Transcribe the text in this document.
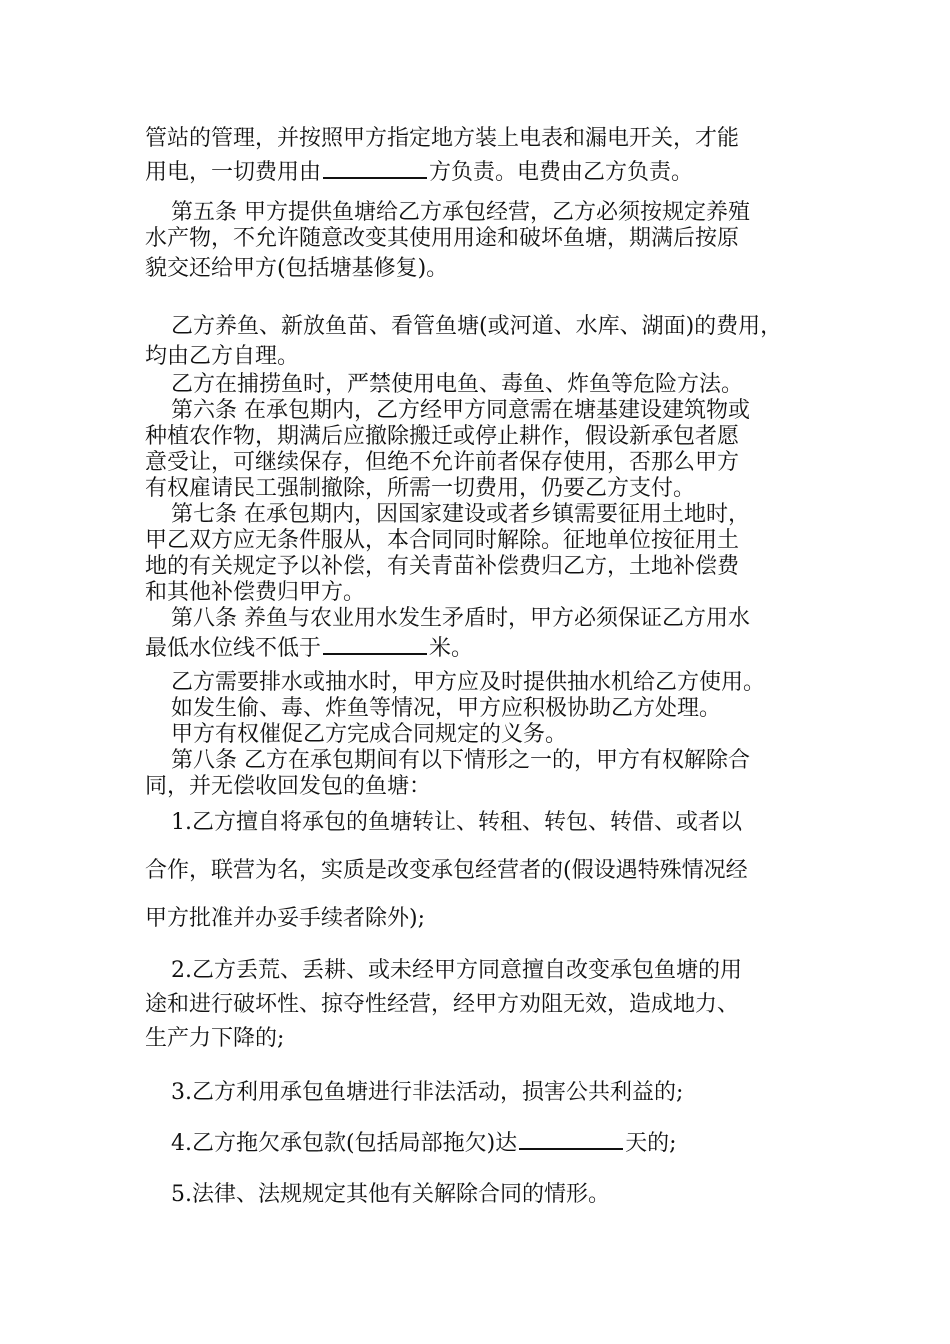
管站的管理，并按照甲方指定地方装上电表和漏电开关，才能
用电，一切费用由	方负责。电费由乙方负责。
第五条 甲方提供鱼塘给乙方承包经营，乙方必须按规定养殖
水产物，不允许随意改变其使用用途和破坏鱼塘，期满后按原
貌交还给甲方(包括塘基修复)。
乙方养鱼、新放鱼苗、看管鱼塘(或河道、水库、湖面)的费用，
均由乙方自理。
乙方在捕捞鱼时，严禁使用电鱼、毒鱼、炸鱼等危险方法。
第六条 在承包期内，乙方经甲方同意需在塘基建设建筑物或
种植农作物，期满后应撤除搬迁或停止耕作，假设新承包者愿
意受让，可继续保存，但绝不允许前者保存使用，否那么甲方
有权雇请民工强制撤除，所需一切费用，仍要乙方支付。
第七条 在承包期内，因国家建设或者乡镇需要征用土地时，
甲乙双方应无条件服从，本合同同时解除。征地单位按征用土
地的有关规定予以补偿，有关青苗补偿费归乙方，土地补偿费
和其他补偿费归甲方。
第八条 养鱼与农业用水发生矛盾时，甲方必须保证乙方用水
最低水位线不低于	米。
乙方需要排水或抽水时，甲方应及时提供抽水机给乙方使用。
如发生偷、毒、炸鱼等情况，甲方应积极协助乙方处理。
甲方有权催促乙方完成合同规定的义务。
第八条 乙方在承包期间有以下情形之一的，甲方有权解除合
同，并无偿收回发包的鱼塘：
1.乙方擅自将承包的鱼塘转让、转租、转包、转借、或者以
合作，联营为名，实质是改变承包经营者的(假设遇特殊情况经
甲方批准并办妥手续者除外);
2.乙方丢荒、丢耕、或未经甲方同意擅自改变承包鱼塘的用
途和进行破坏性、掠夺性经营，经甲方劝阻无效，造成地力、
生产力下降的;
3.乙方利用承包鱼塘进行非法活动，损害公共利益的;
4.乙方拖欠承包款(包括局部拖欠)达	天的;
5.法律、法规规定其他有关解除合同的情形。
